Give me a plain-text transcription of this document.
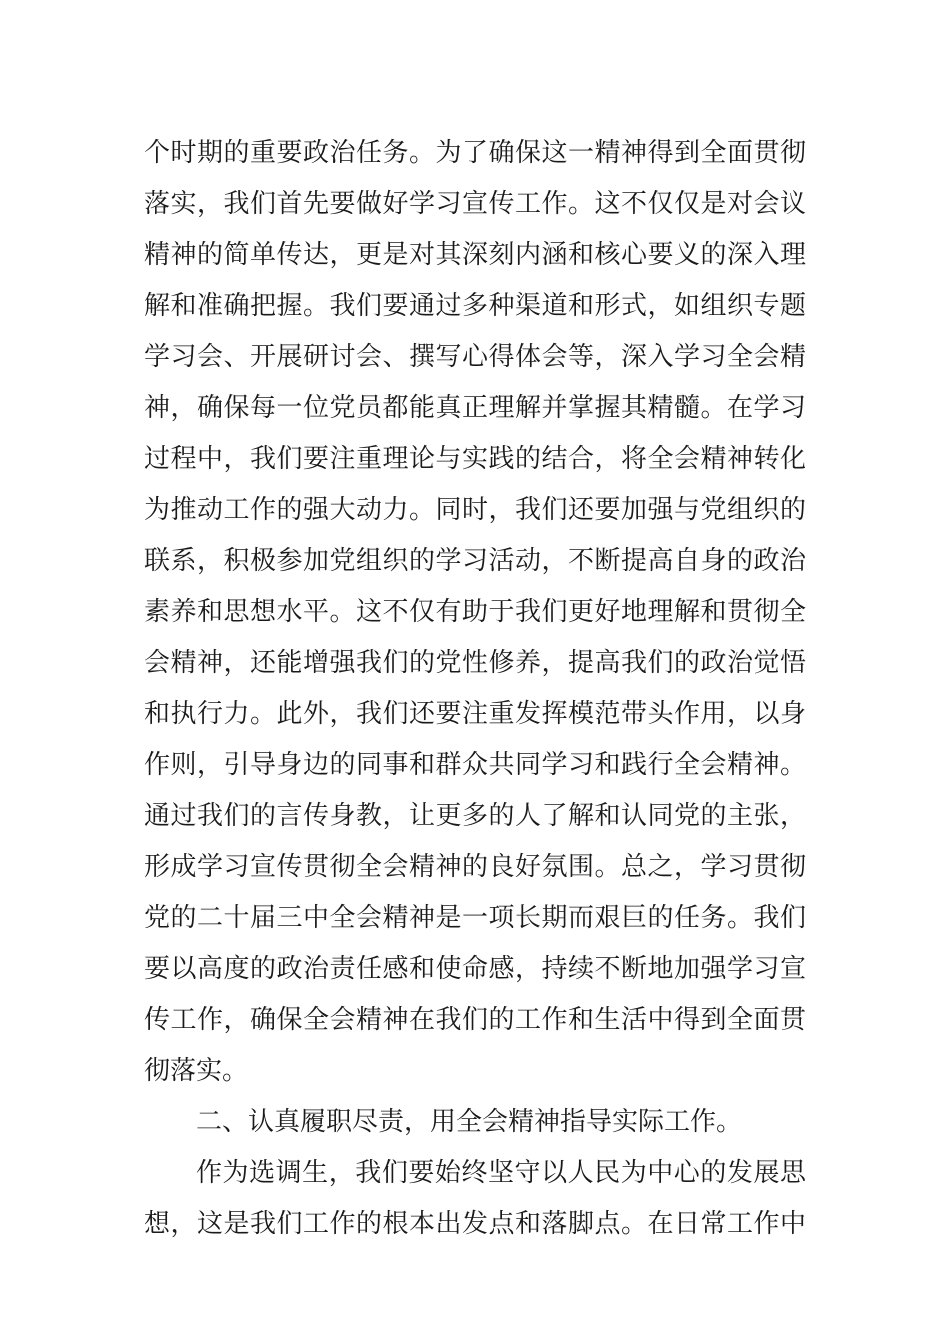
个时期的重要政治任务。为了确保这一精神得到全面贯彻
落实，我们首先要做好学习宣传工作。这不仅仅是对会议
精神的简单传达，更是对其深刻内涵和核心要义的深入理
解和准确把握。我们要通过多种渠道和形式，如组织专题
学习会、开展研讨会、撰写心得体会等，深入学习全会精
神，确保每一位党员都能真正理解并掌握其精髓。在学习
过程中，我们要注重理论与实践的结合，将全会精神转化
为推动工作的强大动力。同时，我们还要加强与党组织的
联系，积极参加党组织的学习活动，不断提高自身的政治
素养和思想水平。这不仅有助于我们更好地理解和贯彻全
会精神，还能增强我们的党性修养，提高我们的政治觉悟
和执行力。此外，我们还要注重发挥模范带头作用，以身
作则，引导身边的同事和群众共同学习和践行全会精神。
通过我们的言传身教，让更多的人了解和认同党的主张，
形成学习宣传贯彻全会精神的良好氛围。总之，学习贯彻
党的二十届三中全会精神是一项长期而艰巨的任务。我们
要以高度的政治责任感和使命感，持续不断地加强学习宣
传工作，确保全会精神在我们的工作和生活中得到全面贯
彻落实。
二、认真履职尽责，用全会精神指导实际工作。
作为选调生，我们要始终坚守以人民为中心的发展思
想，这是我们工作的根本出发点和落脚点。在日常工作中
